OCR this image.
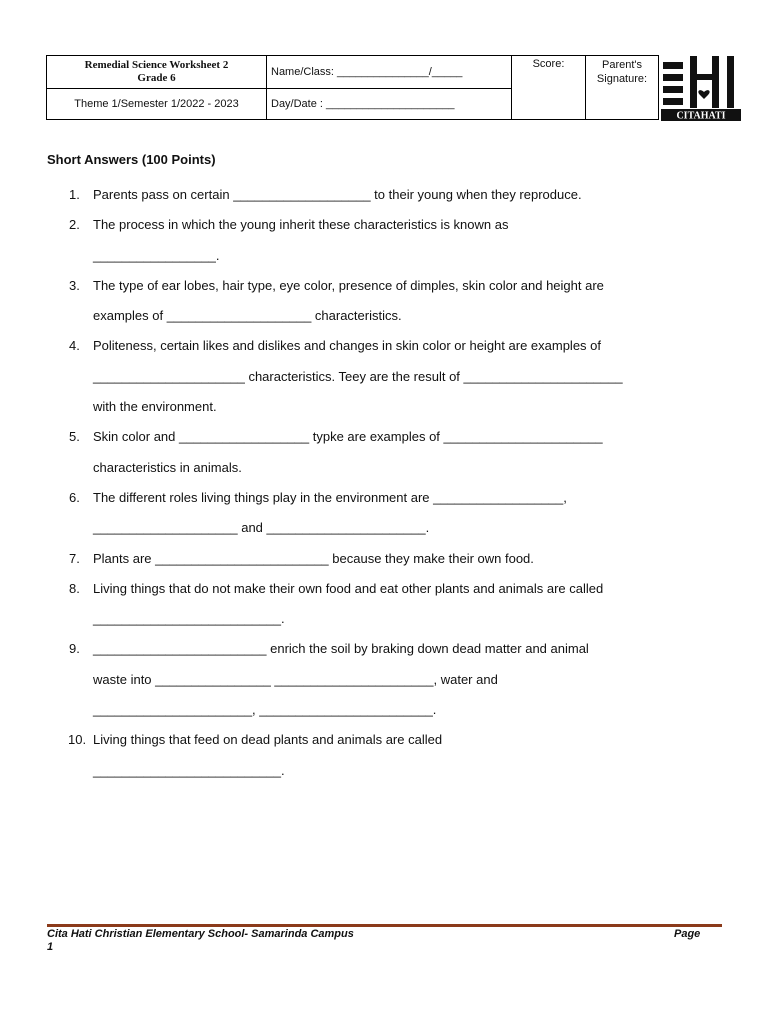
Remedial Science Worksheet 2
Grade 6	Name/Class: _______________/_____	Score:	Parent's
Signature:

Theme 1/Semester 1/2022 - 2023	Day/Date : _____________________		
CITAHATI
Short Answers (100 Points)
1. Parents pass on certain ___________________ to their young when they reproduce.
2. The process in which the young inherit these characteristics is known as
_________________.
3. The type of ear lobes, hair type, eye color, presence of dimples, skin color and height are
examples of ____________________ characteristics.
4. Politeness, certain likes and dislikes and changes in skin color or height are examples of
_____________________ characteristics. Teey are the result of ______________________
with the environment.
5. Skin color and __________________ typke are examples of ______________________
characteristics in animals.
6. The different roles living things play in the environment are __________________,
____________________ and ______________________.
7. Plants are ________________________ because they make their own food.
8. Living things that do not make their own food and eat other plants and animals are called
__________________________.
9. ________________________ enrich the soil by braking down dead matter and animal
waste into ________________ ______________________, water and
______________________, ________________________.
10. Living things that feed on dead plants and animals are called
__________________________.
Cita Hati Christian Elementary School- Samarinda Campus	Page
1
